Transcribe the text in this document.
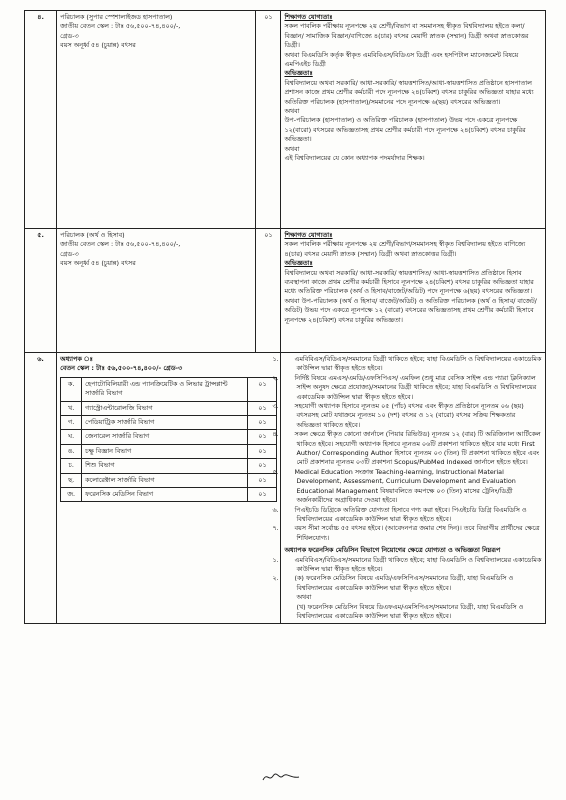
৪.	পরিচালক (সুপার স্পেশালাইজড হাসপাতাল)

জাতীয় বেতন স্কেল : টাঃ ৫৬,৫০০-৭৪,৪০০/-,

গ্রেড-৩

বয়স অনূর্ধ্ব ৫৪ (চুয়ান্ন) বৎসর

	০১	শিক্ষাগত যোগ্যতাঃ

সকল পাবলিক পরীক্ষায় ন্যূনপক্ষে ২য় শ্রেণী/বিভাগ বা সমমানসহ স্বীকৃত বিশ্ববিদ্যালয় হইতে কলা/বিজ্ঞান/ সামাজিক বিজ্ঞান/বাণিজ্যে ৪(চার) বৎসর মেয়াদী স্নাতক (সম্মান) ডিগ্রী অথবা স্নাতকোত্তর ডিগ্রী।

অথবা বিএমডিসি কর্তৃক স্বীকৃত এমবিবিএস/বিডিএস ডিগ্রী এবং হসপিটাল ম্যানেজমেন্ট বিষয়ে এমপিএইচ ডিগ্রী

অভিজ্ঞতাঃ

বিশ্ববিদ্যালয়ে অথবা সরকারি/ আধা-সরকারি/ স্বায়ত্তশাসিত/আধা-স্বায়ত্তশাসিত প্রতিষ্ঠানে হাসপাতাল প্রশাসন কাজে প্রথম শ্রেণীর কর্মচারী পদে ন্যূনপক্ষে ২৪(চব্বিশ) বৎসর চাকুরির অভিজ্ঞতা যাহার মধ্যে অতিরিক্ত পরিচালক (হাসপাতাল)/সমমানের পদে ন্যূনপক্ষে ৬(ছয়) বৎসরের অভিজ্ঞতা।

অথবা

উপ-পরিচালক (হাসপাতাল) ও অতিরিক্ত পরিচালক (হাসপাতাল) উভয় পদে একত্রে ন্যূনপক্ষে ১২(বারো) বৎসরের অভিজ্ঞতাসহ প্রথম শ্রেণীর কর্মচারী পদে ন্যূনপক্ষে ২৪(চব্বিশ) বৎসর চাকুরির অভিজ্ঞতা।

অথবা

এই বিশ্ববিদ্যালয়ের যে কোন অধ্যাপক পদমর্যাদার শিক্ষক।

৫.	পরিচালক (অর্থ ও হিসাব)

জাতীয় বেতন স্কেল : টাঃ ৫৬,৫০০-৭৪,৪০০/-,

গ্রেড-৩

বয়স অনূর্ধ্ব ৫৪ (চুয়ান্ন) বৎসর

	০১	শিক্ষাগত যোগ্যতাঃ

সকল পাবলিক পরীক্ষায় ন্যূনপক্ষে ২য় শ্রেণী/বিভাগ/সমমানসহ স্বীকৃত বিশ্ববিদ্যালয় হইতে বাণিজ্যে ৪(চার) বৎসর মেয়াদী স্নাতক (সম্মান) ডিগ্রী অথবা স্নাতকোত্তর ডিগ্রী।

অভিজ্ঞতাঃ

বিশ্ববিদ্যালয়ে অথবা সরকারি/ আধা-সরকারি/ স্বায়ত্তশাসিত/ আধা-স্বায়ত্তশাসিত প্রতিষ্ঠানে হিসাব ব্যবস্থাপনা কাজে প্রথম শ্রেণীর কর্মচারী হিসাবে ন্যূনপক্ষে ২৪(চব্বিশ) বৎসর চাকুরির অভিজ্ঞতা যাহার মধ্যে অতিরিক্ত পরিচালক (অর্থ ও হিসাব/বাজেট/অডিট) পদে ন্যূনপক্ষে ৬(ছয়) বৎসরের অভিজ্ঞতা।

অথবা উপ-পরিচালক (অর্থ ও হিসাব/ বাজেট/অডিট) ও অতিরিক্ত পরিচালক (অর্থ ও হিসাব/ বাজেট/অডিট) উভয় পদে একত্রে ন্যূনপক্ষে ১২ (বারো) বৎসরের অভিজ্ঞতাসহ প্রথম শ্রেণীর কর্মচারী হিসাবে ন্যূনপক্ষে ২৪(চব্বিশ) বৎসর চাকুরির অভিজ্ঞতা।

৬.	অধ্যাপক ঃ

বেতন স্কেল : টাঃ ৫৬,৫০০-৭৪,৪০০/- গ্রেড-৩

ক.	হেপাটোবিলিয়ারী এন্ড প্যানক্রিয়েটিক ও লিভার ট্রান্সপ্লান্ট সার্জারি বিভাগ	০১
খ.	গ্যাস্ট্রোএন্টারোলজি বিভাগ	০১
গ.	পেডিয়াট্রিক সার্জারি বিভাগ	০১
ঘ.	জেনারেল সার্জারি বিভাগ	০১
ঙ.	চক্ষু বিজ্ঞান বিভাগ	০১
চ.	শিশু বিভাগ	০১
ছ.	কলোরেক্টাল সার্জারি বিভাগ	০১
জ.	ফরেনসিক মেডিসিন বিভাগ	০১

১. এমবিবিএস/বিডিএস/সমমানের ডিগ্রী থাকিতে হইবে; যাহা বিএমডিসি ও বিশ্ববিদ্যালয়ের একাডেমিক কাউন্সিল দ্বারা স্বীকৃত হইতে হইবে।

২. নির্দিষ্ট বিষয়ে এমএস/এমডি/এফসিপিএস/ এমফিল (শুধু মাত্র বেসিক সাইন্স এন্ড প্যারা ক্লিনিক্যাল সাইন্স অনুষদ ক্ষেত্রে প্রযোজ্য)/সমমানের ডিগ্রী থাকিতে হইবে; যাহা বিএমডিসি ও বিশ্ববিদ্যালয়ের একাডেমিক কাউন্সিল দ্বারা স্বীকৃত হইতে হইবে।

৩. সহযোগী অধ্যাপক হিসাবে ন্যূনতম ০৫ (পাঁচ) বৎসর এবং স্বীকৃত প্রতিষ্ঠানে ন্যূনতম ০৬ (ছয়) বৎসরসহ মোট যথাক্রমে ন্যূনতম ১০ (দশ) বৎসর ও ১২ (বারো) বৎসর সক্রিয় শিক্ষকতার অভিজ্ঞতা থাকিতে হইবে।

৪. সকল ক্ষেত্রে স্বীকৃত কোনো জার্নালে (পিয়ার রিভিউড) ন্যূনতম ১২ (বার) টি অরিজিনাল আর্টিকেল থাকিতে হইবে। সহযোগী অধ্যাপক হিসাবে ন্যূনতম ০৬টি প্রকাশনা থাকিতে হইবে যার মধ্যে First Author/ Corresponding Author হিসাবে ন্যূনতম ০৩ (তিন) টি প্রকাশনা থাকিতে হইবে এবং মোট প্রকাশনার ন্যূনতম ০৩টি প্রকাশনা Scopus/PubMed Indexed জার্নালে হইতে হইবে।

৫. Medical Education সংক্রান্ত Teaching-learning, Instructional Material Development, Assessment, Curriculum Development and Evaluation Educational Management বিষয়াবলিতে কমপক্ষে ০৩ (তিন) মাসের ট্রেনিং/ডিগ্রী অর্জনকারীদের অগ্রাধিকার দেওয়া হইবে।

৬. পিএইচডি ডিগ্রিকে অতিরিক্ত যোগ্যতা হিসাবে গণ্য করা হইবে। পিএইচডি ডিগ্রি বিএমডিসি ও বিশ্ববিদ্যালয়ের একাডেমিক কাউন্সিল দ্বারা স্বীকৃত হইতে হইবে।

৭. বয়স সীমা সর্বোচ্চ ৫৫ বৎসর হইবে। (আবেদনপত্র জমার শেষ দিন)। তবে বিভাগীয় প্রার্থীদের ক্ষেত্রে শিথিলযোগ্য।

অধ্যাপক ফরেনসিক মেডিসিন বিভাগে নিয়োগের ক্ষেত্রে যোগ্যতা ও অভিজ্ঞতা নিম্নরূপ

১. এমবিবিএস/বিডিএস/সমমানের ডিগ্রী থাকিতে হইবে; যাহা বিএমডিসি ও বিশ্ববিদ্যালয়ের একাডেমিক কাউন্সিল দ্বারা স্বীকৃত হইতে হইবে।

২. (ক) ফরেনসিক মেডিসিন বিষয়ে এমডি/এফসিপিএস/সমমানের ডিগ্রী, যাহা বিএমডিসি ও বিশ্ববিদ্যালয়ের একাডেমিক কাউন্সিল দ্বারা স্বীকৃত হইতে হইবে।

অথবা

(খ) ফরেনসিক মেডিসিন বিষয়ে ডিএফএম/এমসিপিএস/সমমানের ডিগ্রী, যাহা বিএমডিসি ও বিশ্ববিদ্যালয়ের একাডেমিক কাউন্সিল দ্বারা স্বীকৃত হইতে হইবে।
